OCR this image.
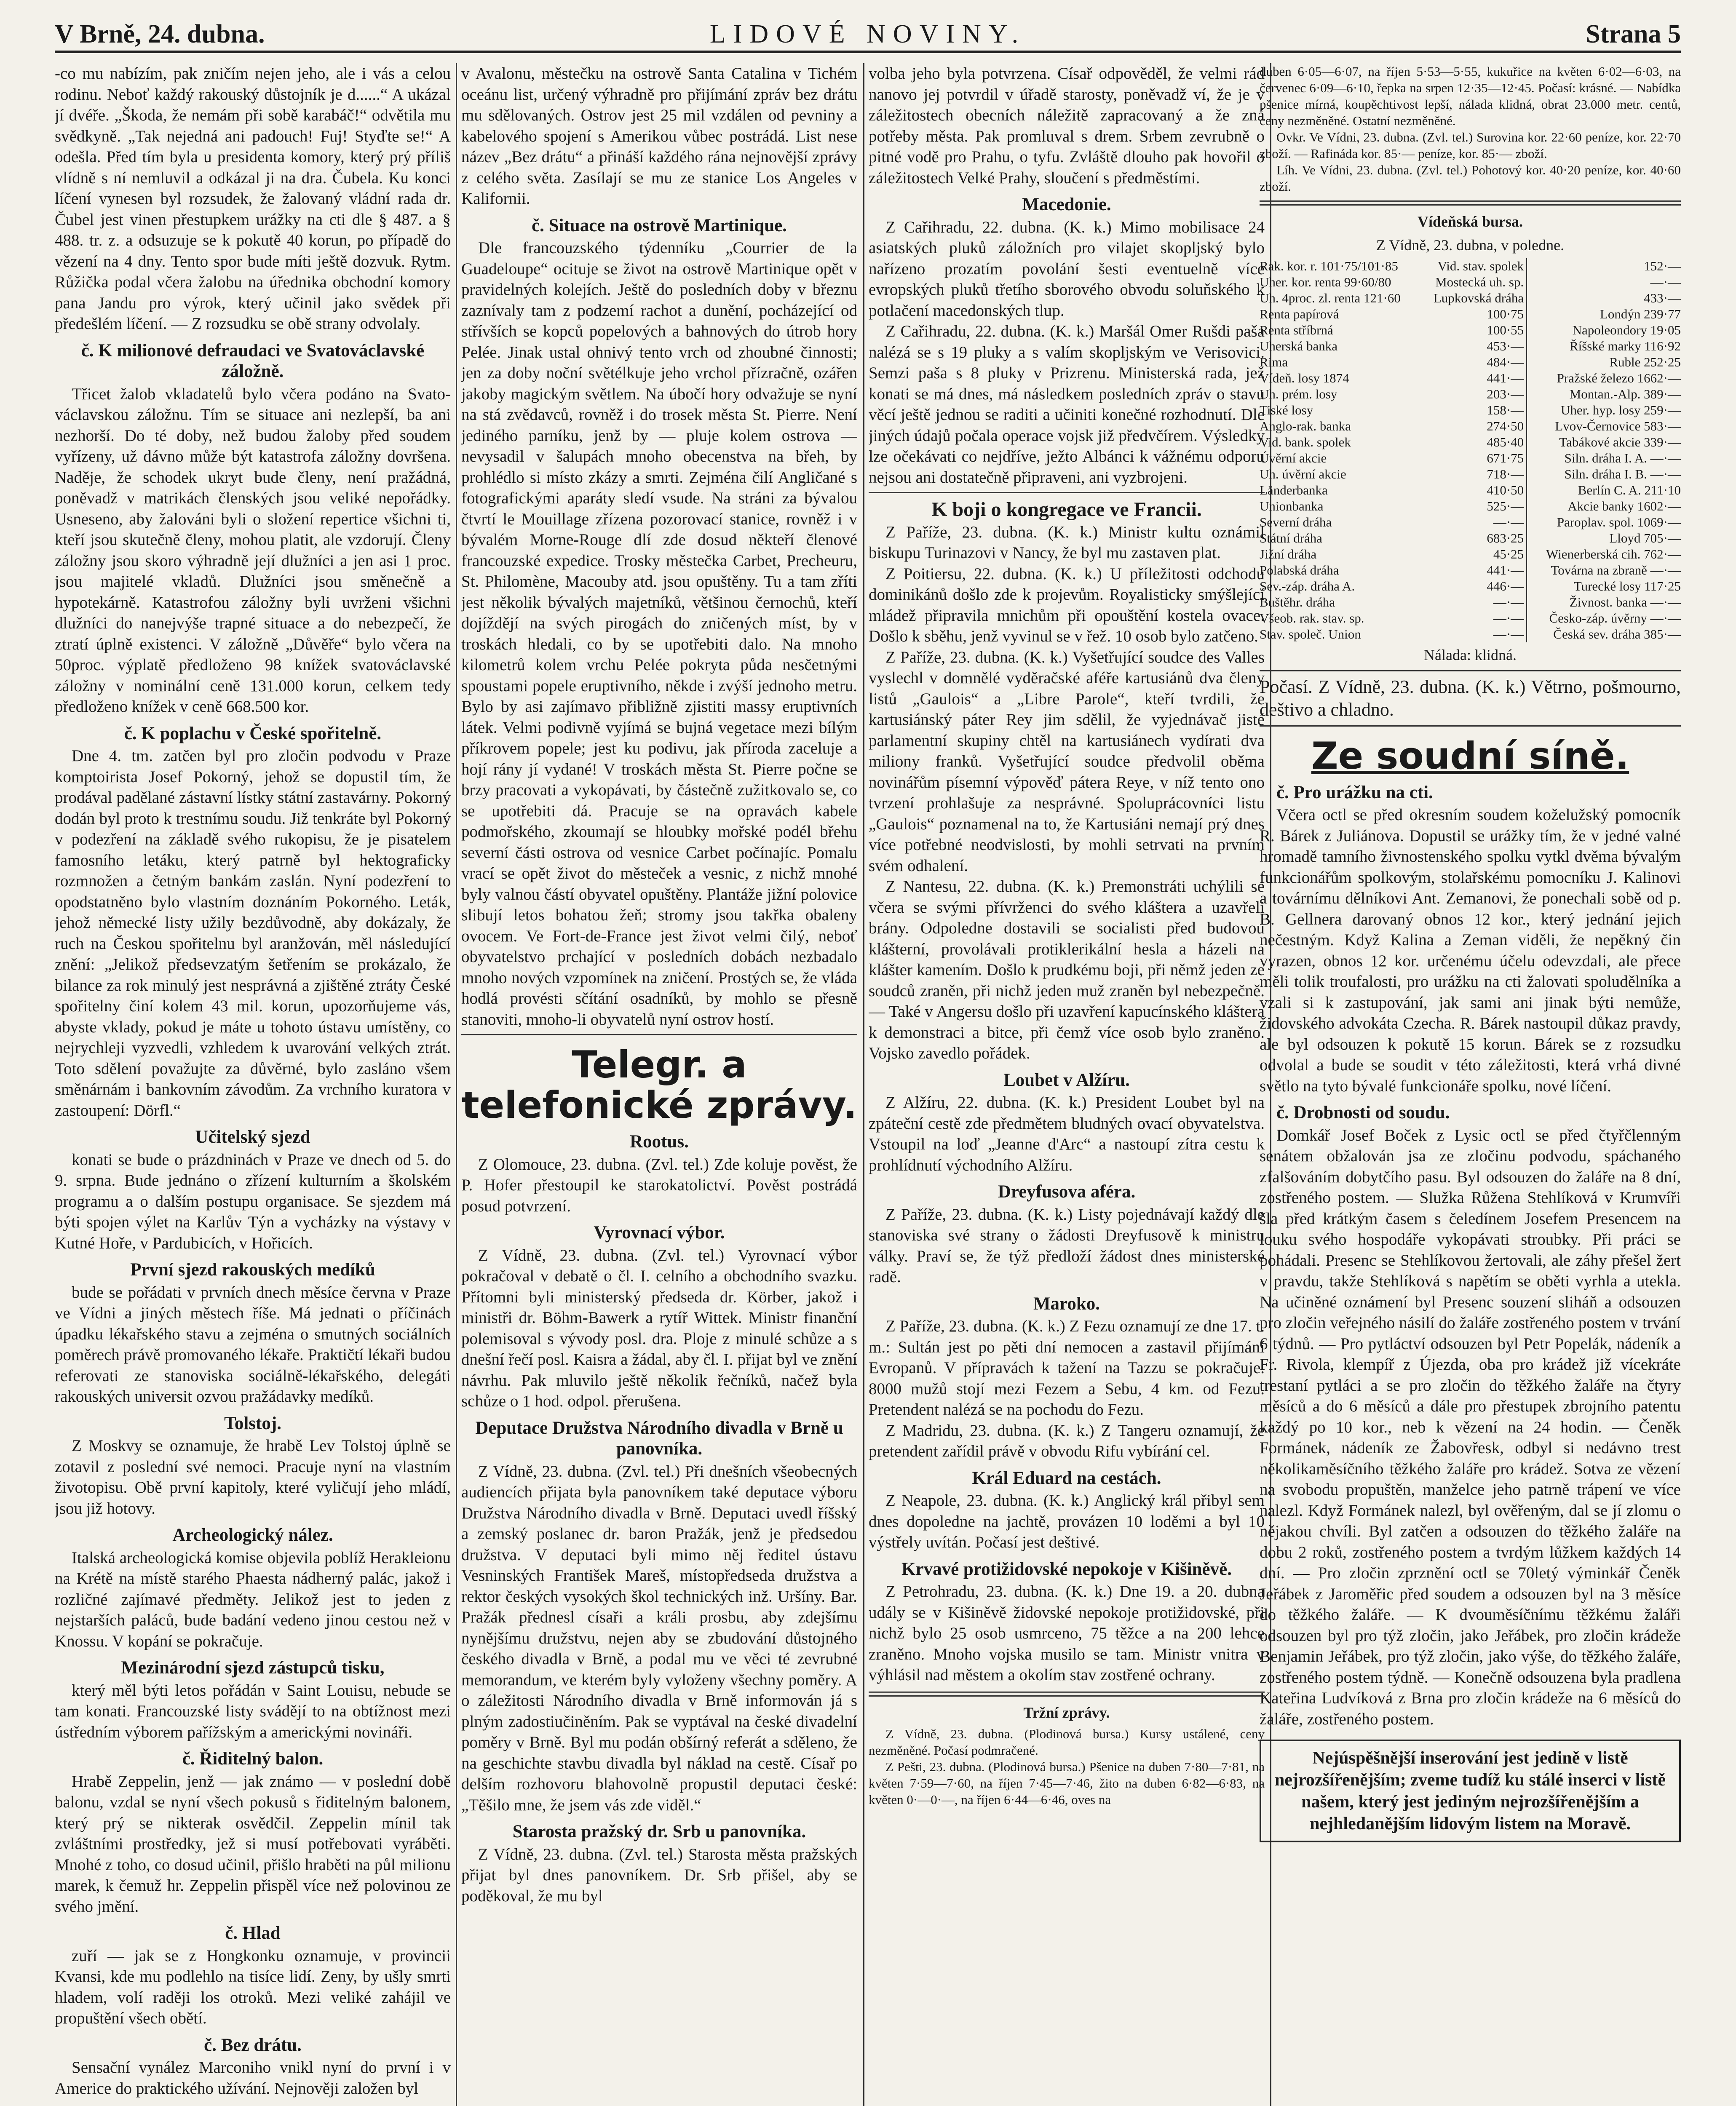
V Brně, 24. dubna.	LIDOVÉ NOVINY.	Strana 5

-co mu nabízím, pak zničím nejen jeho, ale i vás a celou rodinu. Neboť každý rakouský důstojník je d......“ A ukázal jí dvéře. „Škoda, že nemám při sobě karabáč!“ odvětila mu svědkyně. „Tak nejedná ani padouch! Fuj! Styďte se!“ A odešla. Před tím byla u presidenta komory, který prý příliš vlídně s ní nemluvil a odkázal ji na dra. Čubela. Ku konci líčení vynesen byl rozsudek, že žalovaný vládní rada dr. Čubel jest vinen přestupkem urážky na cti dle § 487. a § 488. tr. z. a odsuzuje se k pokutě 40 korun, po případě do vězení na 4 dny. Tento spor bude míti ještě dozvuk. Rytm. Růžička podal včera žalobu na úřednika obchodní komory pana Jandu pro výrok, který učinil jako svědek při předešlém líčení. — Z rozsudku se obě strany odvolaly.

č. K milionové defraudaci ve Svatováclavské záložně.

Třicet žalob vkladatelů bylo včera podáno na Svato-václavskou záložnu. Tím se situace ani nezlepší, ba ani nezhorší. Do té doby, než budou žaloby před soudem vyřízeny, už dávno může být katastrofa záložny dovršena. Naděje, že schodek ukryt bude členy, není pražádná, poněvadž v matrikách členských jsou veliké nepořádky. Usneseno, aby žalováni byli o složení repertice všichni ti, kteří jsou skutečně členy, mohou platit, ale vzdorují. Členy záložny jsou skoro výhradně její dlužníci a jen asi 1 proc. jsou majitelé vkladů. Dlužníci jsou směnečně a hypotekárně. Katastrofou záložny byli uvrženi všichni dlužníci do nanejvýše trapné situace a do nebezpečí, že ztratí úplně existenci. V záložně „Důvěře“ bylo včera na 50proc. výplatě předloženo 98 knížek svatováclavské záložny v nominální ceně 131.000 korun, celkem tedy předloženo knížek v ceně 668.500 kor.

č. K poplachu v České spořitelně.

Dne 4. tm. zatčen byl pro zločin podvodu v Praze komptoirista Josef Pokorný, jehož se dopustil tím, že prodával padělané zástavní lístky státní zastavárny. Pokorný dodán byl proto k trestnímu soudu. Již tenkráte byl Pokorný v podezření na základě svého rukopisu, že je pisatelem famosního letáku, který patrně byl hektograficky rozmnožen a četným bankám zaslán. Nyní podezření to opodstatněno bylo vlastním doznáním Pokorného. Leták, jehož německé listy užily bezdůvodně, aby dokázaly, že ruch na Českou spořitelnu byl aranžován, měl následující znění: „Jelikož předsevzatým šetřením se prokázalo, že bilance za rok minulý jest nesprávná a zjištěné ztráty České spořitelny činí kolem 43 mil. korun, upozorňujeme vás, abyste vklady, pokud je máte u tohoto ústavu umístěny, co nejrychleji vyzvedli, vzhledem k uvarování velkých ztrát. Toto sdělení považujte za důvěrné, bylo zasláno všem směnárnám i bankovním závodům. Za vrchního kuratora v zastoupení: Dörfl.“

Učitelský sjezd

konati se bude o prázdninách v Praze ve dnech od 5. do 9. srpna. Bude jednáno o zřízení kulturním a školském programu a o dalším postupu organisace. Se sjezdem má býti spojen výlet na Karlův Týn a vycházky na výstavy v Kutné Hoře, v Pardubicích, v Hořicích.

První sjezd rakouských medíků

bude se pořádati v prvních dnech měsíce června v Praze ve Vídni a jiných městech říše. Má jednati o příčinách úpadku lékařského stavu a zejména o smutných sociálních poměrech právě promovaného lékaře. Praktičtí lékaři budou referovati ze stanoviska sociálně-lékařského, delegáti rakouských universit ozvou pražádavky medíků.

Tolstoj.

Z Moskvy se oznamuje, že hrabě Lev Tolstoj úplně se zotavil z poslední své nemoci. Pracuje nyní na vlastním životopisu. Obě první kapitoly, které vyličují jeho mládí, jsou již hotovy.

Archeologický nález.

Italská archeologická komise objevila poblíž Herakleionu na Krétě na místě starého Phaesta nádherný palác, jakož i rozličné zajímavé předměty. Jelikož jest to jeden z nejstarších paláců, bude badání vedeno jinou cestou než v Knossu. V kopání se pokračuje.

Mezinárodní sjezd zástupců tisku,

který měl býti letos pořádán v Saint Louisu, nebude se tam konati. Francouzské listy svádějí to na obtížnost mezi ústředním výborem pařížským a americkými novináři.

č. Řiditelný balon.

Hrabě Zeppelin, jenž — jak známo — v poslední době balonu, vzdal se nyní všech pokusů s řiditelným balonem, který prý se nikterak osvědčil. Zeppelin mínil tak zvláštními prostředky, jež si musí potřebovati vyráběti. Mnohé z toho, co dosud učinil, přišlo hraběti na půl milionu marek, k čemuž hr. Zeppelin přispěl více než polovinou ze svého jmění.

č. Hlad

zuří — jak se z Hongkonku oznamuje, v provincii Kvansi, kde mu podlehlo na tisíce lidí. Zeny, by ušly smrti hladem, volí raději los otroků. Mezi veliké zahájil ve propuštění všech obětí.

č. Bez drátu.

Sensační vynález Marconiho vnikl nyní do první i v Americe do praktického užívání. Nejnověji založen byl

v Avalonu, městečku na ostrově Santa Catalina v Tichém oceánu list, určený výhradně pro přijímání zpráv bez drátu mu sdělovaných. Ostrov jest 25 mil vzdálen od pevniny a kabelového spojení s Amerikou vůbec postrádá. List nese název „Bez drátu“ a přináší každého rána nejnovější zprávy z celého světa. Zasílají se mu ze stanice Los Angeles v Kalifornii.

č. Situace na ostrově Martinique.

Dle francouzského týdenníku „Courrier de la Guadeloupe“ ocituje se život na ostrově Martinique opět v pravidelných kolejích. Ještě do posledních doby v březnu zaznívaly tam z podzemí rachot a dunění, pocházející od střívších se kopců popelových a bahnových do útrob hory Pelée. Jinak ustal ohnivý tento vrch od zhoubné činnosti; jen za doby noční světélkuje jeho vrchol přízračně, ozářen jakoby magickým světlem. Na úbočí hory odvažuje se nyní na stá zvědavců, rovněž i do trosek města St. Pierre. Není jediného parníku, jenž by — pluje kolem ostrova — nevysadil v šalupách mnoho obecenstva na břeh, by prohlédlo si místo zkázy a smrti. Zejména čilí Angličané s fotografickými aparáty sledí vsude. Na stráni za bývalou čtvrtí le Mouillage zřízena pozorovací stanice, rovněž i v bývalém Morne-Rouge dlí zde dosud někteří členové francouzské expedice. Trosky městečka Carbet, Precheuru, St. Philomène, Macouby atd. jsou opuštěny. Tu a tam zříti jest několik bývalých majetníků, většinou černochů, kteří dojíždějí na svých pirogách do zničených míst, by v troskách hledali, co by se upotřebiti dalo. Na mnoho kilometrů kolem vrchu Pelée pokryta půda nesčetnými spoustami popele eruptivního, někde i zvýší jednoho metru. Bylo by asi zajímavo přibližně zjistiti massy eruptivních látek. Velmi podivně vyjímá se bujná vegetace mezi bílým příkrovem popele; jest ku podivu, jak příroda zaceluje a hojí rány jí vydané! V troskách města St. Pierre počne se brzy pracovati a vykopávati, by částečně zužitkovalo se, co se upotřebiti dá. Pracuje se na opravách kabele podmořského, zkoumají se hloubky mořské podél břehu severní části ostrova od vesnice Carbet počínajíc. Pomalu vrací se opět život do městeček a vesnic, z nichž mnohé byly valnou částí obyvatel opuštěny. Plantáže jižní polovice slibují letos bohatou žeň; stromy jsou takřka obaleny ovocem. Ve Fort-de-France jest život velmi čilý, neboť obyvatelstvo prchající v posledních dobách nezbadalo mnoho nových vzpomínek na zničení. Prostých se, že vláda hodlá provésti sčítání osadníků, by mohlo se přesně stanoviti, mnoho-li obyvatelů nyní ostrov hostí.

Telegr. a telefonické zprávy.

Rootus.

Z Olomouce, 23. dubna. (Zvl. tel.) Zde koluje pověst, že P. Hofer přestoupil ke starokatolictví. Pověst postrádá posud potvrzení.

Vyrovnací výbor.

Z Vídně, 23. dubna. (Zvl. tel.) Vyrovnací výbor pokračoval v debatě o čl. I. celního a obchodního svazku. Přítomni byli ministerský předseda dr. Körber, jakož i ministři dr. Böhm-Bawerk a rytíř Wittek. Ministr finanční polemisoval s vývody posl. dra. Ploje z minulé schůze a s dnešní řečí posl. Kaisra a žádal, aby čl. I. přijat byl ve znění návrhu. Pak mluvilo ještě několik řečníků, načež byla schůze o 1 hod. odpol. přerušena.

Deputace Družstva Národního divadla v Brně u panovníka.

Z Vídně, 23. dubna. (Zvl. tel.) Při dnešních všeobecných audiencích přijata byla panovníkem také deputace výboru Družstva Národního divadla v Brně. Deputaci uvedl říšský a zemský poslanec dr. baron Pražák, jenž je předsedou družstva. V deputaci byli mimo něj ředitel ústavu Vesninských František Mareš, místopředseda družstva a rektor českých vysokých škol technických inž. Uršíny. Bar. Pražák přednesl císaři a králi prosbu, aby zdejšímu nynějšímu družstvu, nejen aby se zbudování důstojného českého divadla v Brně, a podal mu ve věci té zevrubné memorandum, ve kterém byly vyloženy všechny poměry. A o záležitosti Národního divadla v Brně informován já s plným zadostiučiněním. Pak se vyptával na české divadelní poměry v Brně. Byl mu podán obšírný referát a sděleno, že na geschichte stavbu divadla byl náklad na cestě. Císař po delším rozhovoru blahovolně propustil deputaci české: „Těšilo mne, že jsem vás zde viděl.“

Starosta pražský dr. Srb u panovníka.

Z Vídně, 23. dubna. (Zvl. tel.) Starosta města pražských přijat byl dnes panovníkem. Dr. Srb přišel, aby se poděkoval, že mu byl

volba jeho byla potvrzena. Císař odpověděl, že velmi rád nanovo jej potvrdil v úřadě starosty, poněvadž ví, že je v záležitostech obecních náležitě zapracovaný a že zná potřeby města. Pak promluval s drem. Srbem zevrubně o pitné vodě pro Prahu, o tyfu. Zvláště dlouho pak hovořil o záležitostech Velké Prahy, sloučení s předměstími.

Macedonie.

Z Cařihradu, 22. dubna. (K. k.) Mimo mobilisace 24 asiatských pluků záložních pro vilajet skopljský bylo nařízeno prozatím povolání šesti eventuelně více evropských pluků třetího sborového obvodu soluňského k potlačení macedonských tlup.

Z Cařihradu, 22. dubna. (K. k.) Maršál Omer Rušdi paša nalézá se s 19 pluky a s valím skopljským ve Verisovici. Semzi paša s 8 pluky v Prizrenu. Ministerská rada, jež konati se má dnes, má následkem posledních zpráv o stavu věcí ještě jednou se raditi a učiniti konečné rozhodnutí. Dle jiných údajů počala operace vojsk již předvčírem. Výsledky lze očekávati co nejdříve, ježto Albánci k vážnému odporu nejsou ani dostatečně připraveni, ani vyzbrojeni.

K boji o kongregace ve Francii.

Z Paříže, 23. dubna. (K. k.) Ministr kultu oznámil biskupu Turinazovi v Nancy, že byl mu zastaven plat.

Z Poitiersu, 22. dubna. (K. k.) U příležitosti odchodu dominikánů došlo zde k projevům. Royalisticky smýšlející mládež připravila mnichům při opouštění kostela ovace. Došlo k sběhu, jenž vyvinul se v řež. 10 osob bylo zatčeno.

Z Paříže, 23. dubna. (K. k.) Vyšetřující soudce des Valles vyslechl v domnělé vyděračské aféře kartusiánů dva členy listů „Gaulois“ a „Libre Parole“, kteří tvrdili, že kartusiánský páter Rey jim sdělil, že vyjednávač jisté parlamentní skupiny chtěl na kartusiánech vydírati dva miliony franků. Vyšetřující soudce předvolil oběma novinářům písemní výpověď pátera Reye, v níž tento ono tvrzení prohlašuje za nesprávné. Spoluprácovníci listu „Gaulois“ poznamenal na to, že Kartusiáni nemají prý dnes více potřebné neodvislosti, by mohli setrvati na prvním svém odhalení.

Z Nantesu, 22. dubna. (K. k.) Premonstráti uchýlili se včera se svými přívrženci do svého kláštera a uzavřeli brány. Odpoledne dostavili se socialisti před budovou klášterní, provolávali protiklerikální hesla a házeli na klášter kamením. Došlo k prudkému boji, při němž jeden ze soudců zraněn, při nichž jeden muž zraněn byl nebezpečně. — Také v Angersu došlo při uzavření kapucínského kláštera k demonstraci a bitce, při čemž více osob bylo zraněno. Vojsko zavedlo pořádek.

Loubet v Alžíru.

Z Alžíru, 22. dubna. (K. k.) President Loubet byl na zpáteční cestě zde předmětem bludných ovací obyvatelstva. Vstoupil na loď „Jeanne d'Arc“ a nastoupí zítra cestu k prohlídnutí východního Alžíru.

Dreyfusova aféra.

Z Paříže, 23. dubna. (K. k.) Listy pojednávají každý dle stanoviska své strany o žádosti Dreyfusově k ministru války. Praví se, že týž předloží žádost dnes ministerské radě.

Maroko.

Z Paříže, 23. dubna. (K. k.) Z Fezu oznamují ze dne 17. t. m.: Sultán jest po pěti dní nemocen a zastavil přijímání Evropanů. V přípravách k tažení na Tazzu se pokračuje. 8000 mužů stojí mezi Fezem a Sebu, 4 km. od Fezu. Pretendent nalézá se na pochodu do Fezu.

Z Madridu, 23. dubna. (K. k.) Z Tangeru oznamují, že pretendent zařídil právě v obvodu Rifu vybírání cel.

Král Eduard na cestách.

Z Neapole, 23. dubna. (K. k.) Anglický král přibyl sem dnes dopoledne na jachtě, provázen 10 loděmi a byl 10 výstřely uvítán. Počasí jest deštivé.

Krvavé protižidovské nepokoje v Kišiněvě.

Z Petrohradu, 23. dubna. (K. k.) Dne 19. a 20. dubna udály se v Kišiněvě židovské nepokoje protižidovské, při nichž bylo 25 osob usmrceno, 75 těžce a na 200 lehce zraněno. Mnoho vojska musilo se tam. Ministr vnitra v výhlásil nad městem a okolím stav zostřené ochrany.

Tržní zprávy.

Z Vídně, 23. dubna. (Plodinová bursa.) Kursy ustálené, ceny nezměněné. Počasí podmračené.

Z Pešti, 23. dubna. (Plodinová bursa.) Pšenice na duben 7·80—7·81, na květen 7·59—7·60, na říjen 7·45—7·46, žito na duben 6·82—6·83, na květen 0·—0·—, na říjen 6·44—6·46, oves na

duben 6·05—6·07, na říjen 5·53—5·55, kukuřice na květen 6·02—6·03, na červenec 6·09—6·10, řepka na srpen 12·35—12·45. Počasí: krásné. — Nabídka pšenice mírná, koupěchtivost lepší, nálada klidná, obrat 23.000 metr. centů, ceny nezměněné. Ostatní nezměněné.

Ovkr. Ve Vídni, 23. dubna. (Zvl. tel.) Surovina kor. 22·60 peníze, kor. 22·70 zboží. — Rafináda kor. 85·— peníze, kor. 85·— zboží.

Líh. Ve Vídni, 23. dubna. (Zvl. tel.) Pohotový kor. 40·20 peníze, kor. 40·60 zboží.

Vídeňská bursa.
Z Vídně, 23. dubna, v poledne.
Rak. kor. r. 101·75/101·85	Vid. stav. spolek	152·—
Uher. kor. renta 99·60/80	Mostecká uh. sp.	—·—
Uh. 4proc. zl. renta 121·60	Lupkovská dráha	433·—
Renta papírová	100·75	Londýn 239·77
Renta stříbrná	100·55	Napoleondory 19·05
Uherská banka	453·—	Říšské marky 116·92
Rima	484·—	Ruble 252·25
Vídeň. losy 1874	441·—	Pražské železo 1662·—
Uh. prém. losy	203·—	Montan.-Alp. 389·—
Tiské losy	158·—	Uher. hyp. losy 259·—
Anglo-rak. banka	274·50	Lvov-Černovice 583·—
Vid. bank. spolek	485·40	Tabákové akcie 339·—
Úvěrní akcie	671·75	Siln. dráha I. A. —·—
Uh. úvěrní akcie	718·—	Siln. dráha I. B. —·—
Länderbanka	410·50	Berlín C. A. 211·10
Unionbanka	525·—	Akcie banky 1602·—
Severní dráha	—·—	Paroplav. spol. 1069·—
Státní dráha	683·25	Lloyd 705·—
Jižní dráha	45·25	Wienerberská cih. 762·—
Polabská dráha	441·—	Továrna na zbraně —·—
Sev.-záp. dráha A.	446·—	Turecké losy 117·25
Buštěhr. dráha	—·—	Živnost. banka —·—
Všeob. rak. stav. sp.	—·—	Česko-záp. úvěrny —·—
Stav. společ. Union	—·—	Česká sev. dráha 385·—
Nálada: klidná.

Počasí. Z Vídně, 23. dubna. (K. k.) Větrno, pošmourno, deštivo a chladno.

Ze soudní síně.

č. Pro urážku na cti.

Včera octl se před okresním soudem koželužský pomocník R. Bárek z Juliánova. Dopustil se urážky tím, že v jedné valné hromadě tamního živnostenského spolku vytkl dvěma bývalým funkcionářům spolkovým, stolařskému pomocníku J. Kalinovi a továrnímu dělníkovi Ant. Zemanovi, že ponechali sobě od p. B. Gellnera darovaný obnos 12 kor., který jednání jejich nečestným. Když Kalina a Zeman viděli, že nepěkný čin vyrazen, obnos 12 kor. určenému účelu odevzdali, ale přece měli tolik troufalosti, pro urážku na cti žalovati spoludělníka a vzali si k zastupování, jak sami ani jinak býti nemůže, židovského advokáta Czecha. R. Bárek nastoupil důkaz pravdy, ale byl odsouzen k pokutě 15 korun. Bárek se z rozsudku odvolal a bude se soudit v této záležitosti, která vrhá divné světlo na tyto bývalé funkcionáře spolku, nové líčení.

č. Drobnosti od soudu.

Domkář Josef Boček z Lysic octl se před čtyřčlenným senátem obžalován jsa ze zločinu podvodu, spáchaného zfalšováním dobytčího pasu. Byl odsouzen do žaláře na 8 dní, zostřeného postem. — Služka Růžena Stehlíková v Krumvíři šla před krátkým časem s čeledínem Josefem Presencem na louku svého hospodáře vykopávati stroubky. Při práci se pohádali. Presenc se Stehlíkovou žertovali, ale záhy přešel žert v pravdu, takže Stehlíková s napětím se oběti vyrhla a utekla. Na učiněné oznámení byl Presenc souzení sliháň a odsouzen pro zločin veřejného násilí do žaláře zostřeného postem v trvání 6 týdnů. — Pro pytláctví odsouzen byl Petr Popelák, nádeník a Fr. Rivola, klempíř z Újezda, oba pro krádež již vícekráte trestaní pytláci a se pro zločin do těžkého žaláře na čtyry měsíců a do 6 měsíců a dále pro přestupek zbrojního patentu každý po 10 kor., neb k vězení na 24 hodin. — Čeněk Formánek, nádeník ze Žabovřesk, odbyl si nedávno trest několikaměsíčního těžkého žaláře pro krádež. Sotva ze vězení na svobodu propuštěn, manželce jeho patrně trápení ve více nalezl. Když Formánek nalezl, byl ověřeným, dal se jí zlomu o nějakou chvíli. Byl zatčen a odsouzen do těžkého žaláře na dobu 2 roků, zostřeného postem a tvrdým lůžkem každých 14 dní. — Pro zločin zprznění octl se 70letý výminkář Čeněk Jeřábek z Jaroměřic před soudem a odsouzen byl na 3 měsíce do těžkého žaláře. — K dvouměsíčnímu těžkému žaláři odsouzen byl pro týž zločin, jako Jeřábek, pro zločin krádeže Benjamin Jeřábek, pro týž zločin, jako výše, do těžkého žaláře, zostřeného postem týdně. — Konečně odsouzena byla pradlena Kateřina Ludvíková z Brna pro zločin krádeže na 6 měsíců do žaláře, zostřeného postem.

Nejúspěšnější inserování jest jedině v listě nejrozšířenějším; zveme tudíž ku stálé inserci v listě našem, který jest jediným nejrozšířenějším a nejhledanějším lidovým listem na Moravě.
